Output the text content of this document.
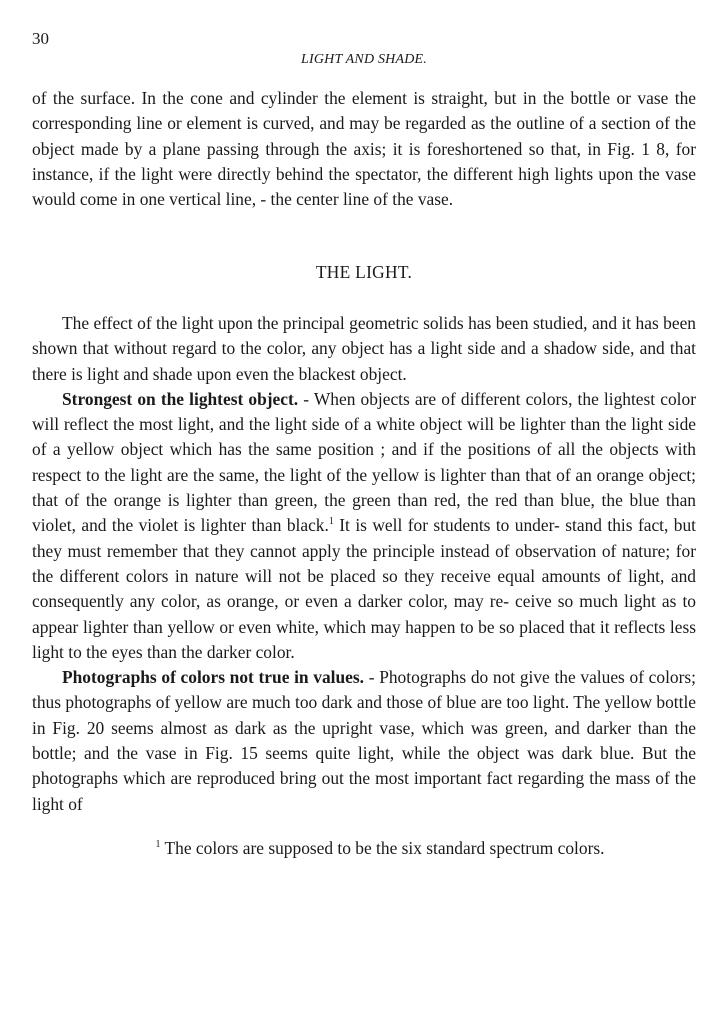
30
LIGHT AND SHADE.

of the surface. In the cone and cylinder the element is straight, but in the bottle or vase the corresponding line or element is curved, and may be regarded as the outline of a section of the object made by a plane passing through the axis; it is foreshortened so that, in Fig. 1 8, for instance, if the light were directly behind the spectator, the different high lights upon the vase would come in one vertical line, - the center line of the vase.

THE LIGHT.

The effect of the light upon the principal geometric solids has been studied, and it has been shown that without regard to the color, any object has a light side and a shadow side, and that there is light and shade upon even the blackest object.

Strongest on the lightest object. - When objects are of different colors, the lightest color will reflect the most light, and the light side of a white object will be lighter than the light side of a yellow object which has the same position ; and if the positions of all the objects with respect to the light are the same, the light of the yellow is lighter than that of an orange object; that of the orange is lighter than green, the green than red, the red than blue, the blue than violet, and the violet is lighter than black.$^1$ It is well for students to under- stand this fact, but they must remember that they cannot apply the principle instead of observation of nature; for the different colors in nature will not be placed so they receive equal amounts of light, and consequently any color, as orange, or even a darker color, may re- ceive so much light as to appear lighter than yellow or even white, which may happen to be so placed that it reflects less light to the eyes than the darker color.

Photographs of colors not true in values. - Photographs do not give the values of colors; thus photographs of yellow are much too dark and those of blue are too light. The yellow bottle in Fig. 20 seems almost as dark as the upright vase, which was green, and darker than the bottle; and the vase in Fig. 15 seems quite light, while the object was dark blue. But the photographs which are reproduced bring out the most important fact regarding the mass of the light of

$^1$ The colors are supposed to be the six standard spectrum colors.
